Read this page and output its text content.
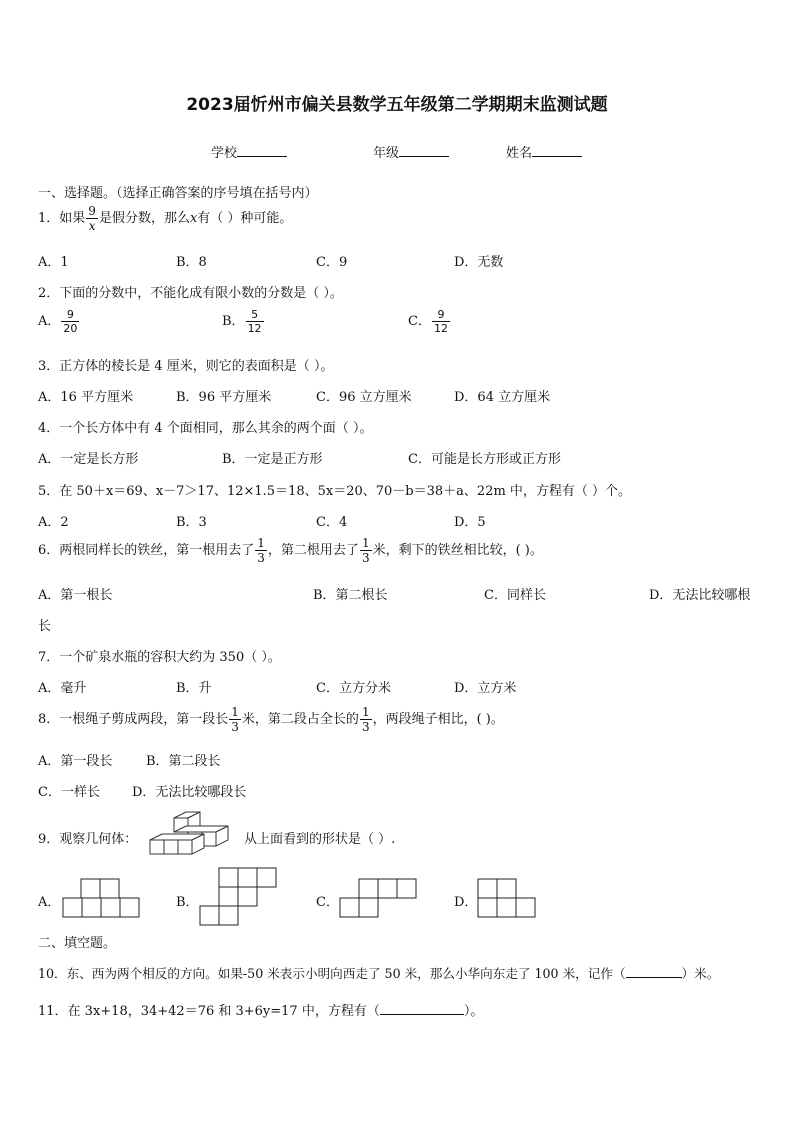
2023届忻州市偏关县数学五年级第二学期期末监测试题
学校	年级	姓名
一、选择题。（选择正确答案的序号填在括号内）
1．如果 $\frac{9}{x}$ 是假分数，那么x有（ ）种可能。
A．1	B．8	C．9	D．无数
2．下面的分数中，不能化成有限小数的分数是（ ）。
A． $\frac{9}{20}$	B． $\frac{5}{12}$	C． $\frac{9}{12}$
3．正方体的棱长是 4 厘米，则它的表面积是（ ）。
A．16 平方厘米	B．96 平方厘米	C．96 立方厘米	D．64 立方厘米
4．一个长方体中有 4 个面相同，那么其余的两个面（ ）。
A．一定是长方形	B．一定是正方形	C．可能是长方形或正方形
5．在 50＋x＝69、x－7＞17、12×1.5＝18、5x＝20、70－b＝38＋a、22m 中，方程有（ ）个。
A．2	B．3	C．4	D．5
6．两根同样长的铁丝，第一根用去了 $\frac{1}{3}$ ，第二根用去了 $\frac{1}{3}$ 米，剩下的铁丝相比较，( )。
A．第一根长	B．第二根长	C．同样长	D．无法比较哪根
长
7．一个矿泉水瓶的容积大约为 350（ ）。
A．毫升	B．升	C．立方分米	D．立方米
8．一根绳子剪成两段，第一段长 $\frac{1}{3}$ 米，第二段占全长的 $\frac{1}{3}$ ，两段绳子相比，( )。
A．第一段长	B．第二段长
C．一样长 D．无法比较哪段长
9．观察几何体：	从上面看到的形状是（ ）.
A．	B．	C．	D．
二、填空题。
10．东、西为两个相反的方向。如果-50 米表示小明向西走了 50 米，那么小华向东走了 100 米，记作（	）米。
11．在 3x+18，34+42＝76 和 3+6y=17 中，方程有（	）。
